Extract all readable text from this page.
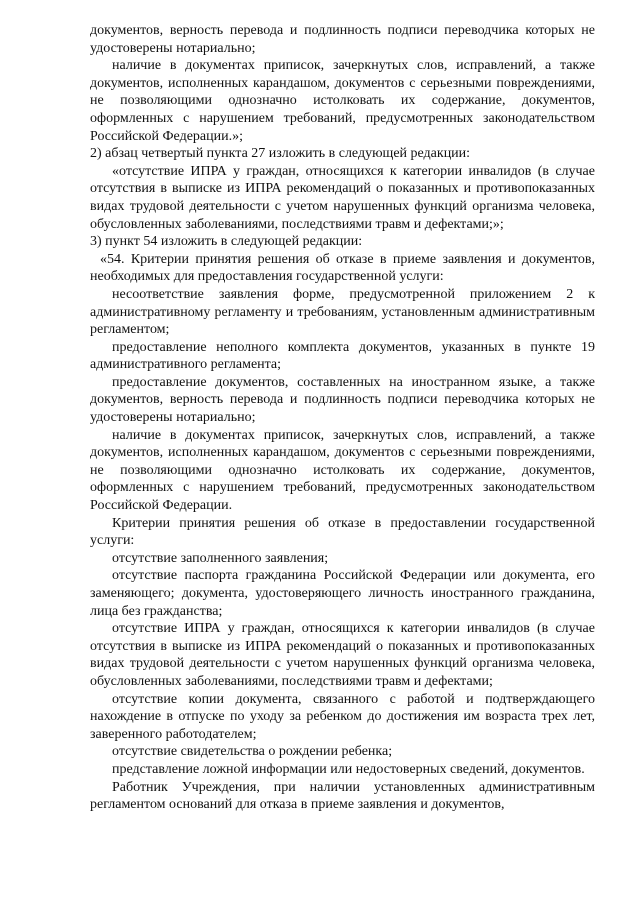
документов, верность перевода и подлинность подписи переводчика которых не удостоверены нотариально;

наличие в документах приписок, зачеркнутых слов, исправлений, а также документов, исполненных карандашом, документов с серьезными повреждениями, не позволяющими однозначно истолковать их содержание, документов, оформленных с нарушением требований, предусмотренных законодательством Российской Федерации.»;

2) абзац четвертый пункта 27 изложить в следующей редакции:

«отсутствие ИПРА у граждан, относящихся к категории инвалидов (в случае отсутствия в выписке из ИПРА рекомендаций о показанных и противопоказанных видах трудовой деятельности с учетом нарушенных функций организма человека, обусловленных заболеваниями, последствиями травм и дефектами;»;

3) пункт 54 изложить в следующей редакции:

«54. Критерии принятия решения об отказе в приеме заявления и документов, необходимых для предоставления государственной услуги:

несоответствие заявления форме, предусмотренной приложением 2 к административному регламенту и требованиям, установленным административным регламентом;

предоставление неполного комплекта документов, указанных в пункте 19 административного регламента;

предоставление документов, составленных на иностранном языке, а также документов, верность перевода и подлинность подписи переводчика которых не удостоверены нотариально;

наличие в документах приписок, зачеркнутых слов, исправлений, а также документов, исполненных карандашом, документов с серьезными повреждениями, не позволяющими однозначно истолковать их содержание, документов, оформленных с нарушением требований, предусмотренных законодательством Российской Федерации.

Критерии принятия решения об отказе в предоставлении государственной услуги:

отсутствие заполненного заявления;

отсутствие паспорта гражданина Российской Федерации или документа, его заменяющего; документа, удостоверяющего личность иностранного гражданина, лица без гражданства;

отсутствие ИПРА у граждан, относящихся к категории инвалидов (в случае отсутствия в выписке из ИПРА рекомендаций о показанных и противопоказанных видах трудовой деятельности с учетом нарушенных функций организма человека, обусловленных заболеваниями, последствиями травм и дефектами;

отсутствие копии документа, связанного с работой и подтверждающего нахождение в отпуске по уходу за ребенком до достижения им возраста трех лет, заверенного работодателем;

отсутствие свидетельства о рождении ребенка;

представление ложной информации или недостоверных сведений, документов.

Работник Учреждения, при наличии установленных административным регламентом оснований для отказа в приеме заявления и документов,
